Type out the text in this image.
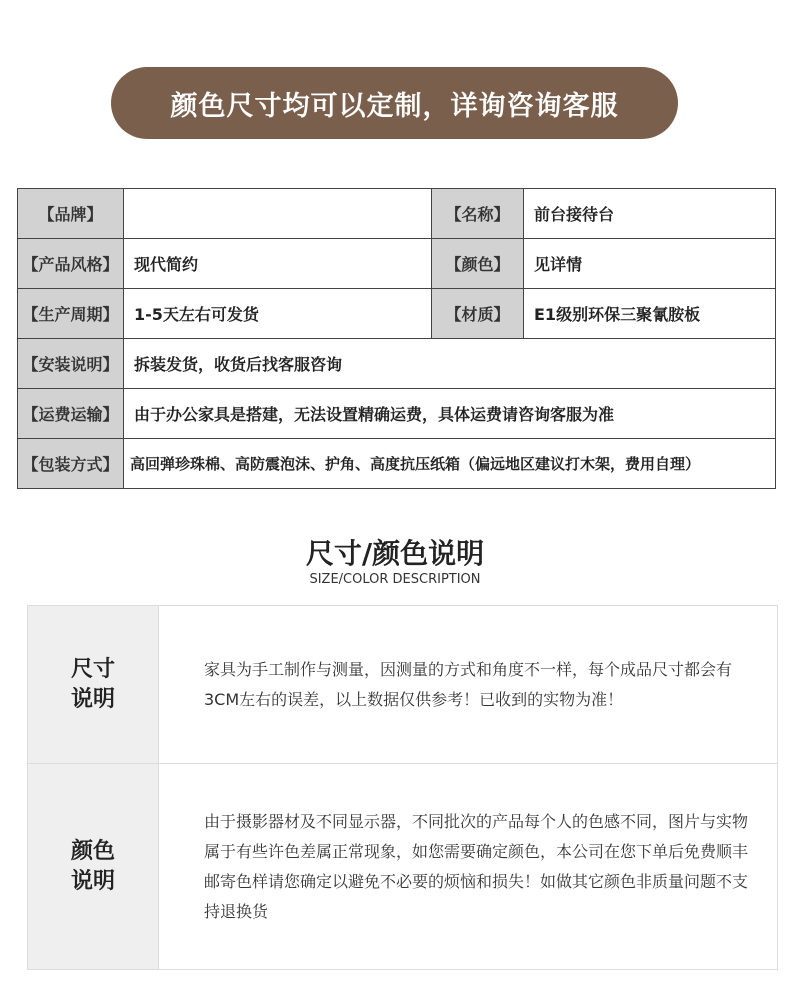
颜色尺寸均可以定制，详询咨询客服
【品牌】		【名称】	前台接待台
【产品风格】	现代简约	【颜色】	见详情
【生产周期】	1-5天左右可发货	【材质】	E1级别环保三聚氰胺板
【安装说明】	拆装发货，收货后找客服咨询		
【运费运输】	由于办公家具是搭建，无法设置精确运费，具体运费请咨询客服为准		
【包装方式】	高回弹珍珠棉、高防震泡沫、护角、高度抗压纸箱（偏远地区建议打木架，费用自理）		
尺寸/颜色说明
SIZE/COLOR DESCRIPTION
尺寸
说明

家具为手工制作与测量，因测量的方式和角度不一样，每个成品尺寸都会有3CM左右的误差，以上数据仅供参考！已收到的实物为准！

颜色
说明

由于摄影器材及不同显示器，不同批次的产品每个人的色感不同，图片与实物属于有些许色差属正常现象，如您需要确定颜色，本公司在您下单后免费顺丰邮寄色样请您确定以避免不必要的烦恼和损失！如做其它颜色非质量问题不支持退换货
